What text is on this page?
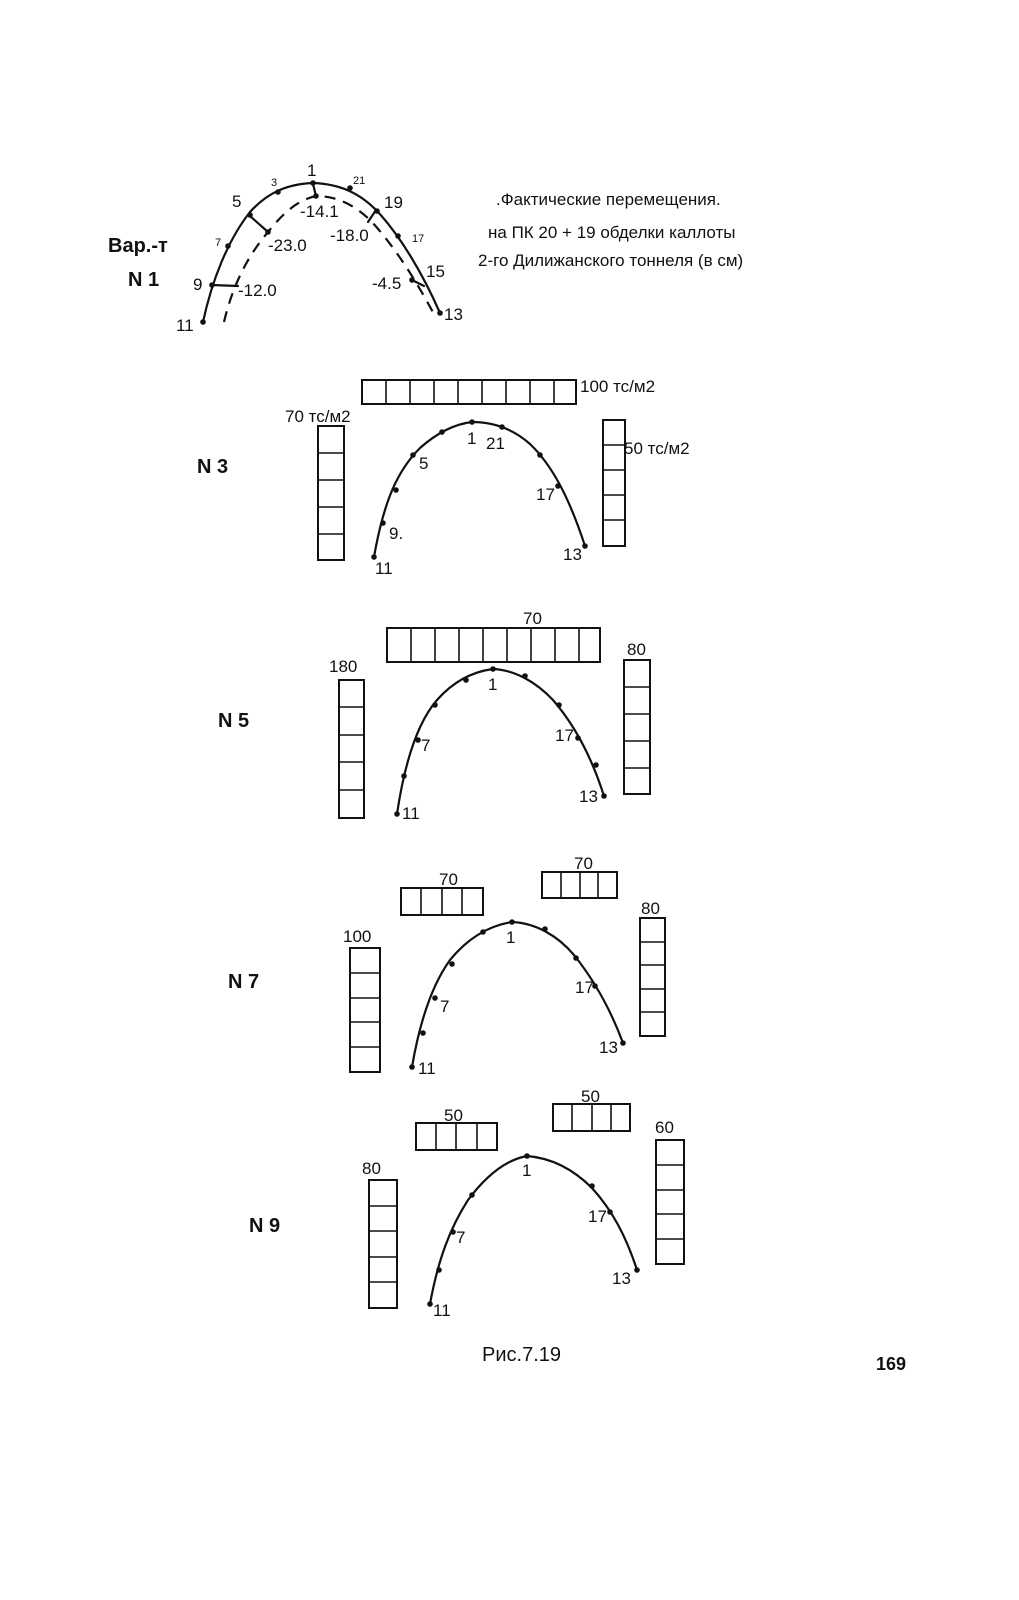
.Фактические перемещения.
на ПК 20 + 19 обделки каллоты
2-го Дилижанского тоннеля (в см)
Вар.-т
N 1
1
3
5
7
9
11
21
19
17
15
13
-14.1
-23.0
-18.0
-12.0	-4.5
N 3
100 тс/м2
70 тс/м2
50 тс/м2
1 21
5
17
9.
11
13
N 5
70
180
80
1
7
17
11
13
N 7
70
70
100
80
1
7
17
11
13
N 9
50
50
80
60
1
7
17
11
13
Рис.7.19	169
